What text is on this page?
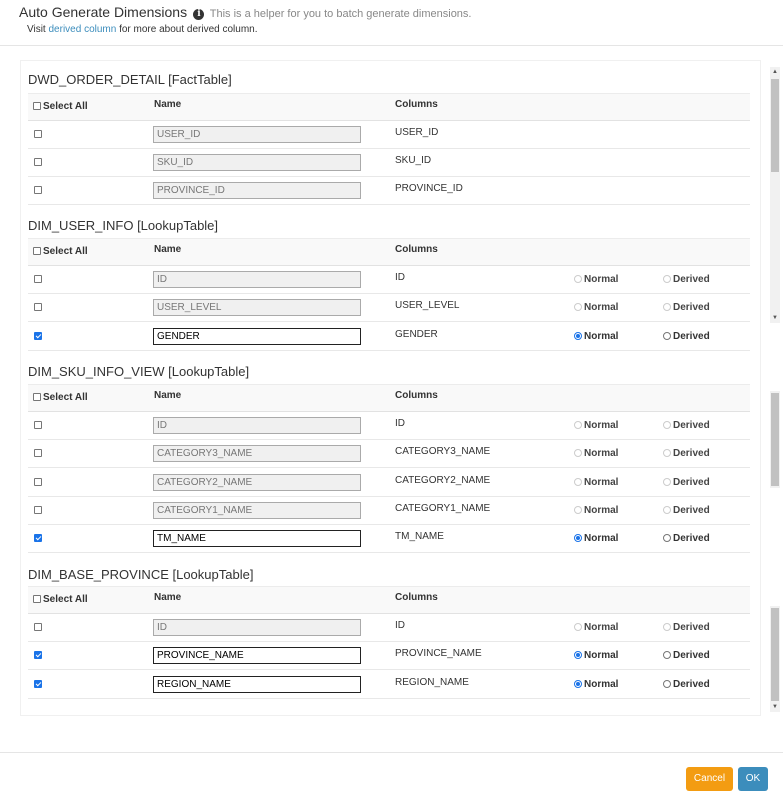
Auto Generate Dimensions i This is a helper for you to batch generate dimensions.
Visit derived column for more about derived column.
DWD_ORDER_DETAIL [FactTable]
Select All	Name	Columns
USER_ID	USER_ID
SKU_ID	SKU_ID
PROVINCE_ID	PROVINCE_ID
DIM_USER_INFO [LookupTable]
Select All	Name	Columns
ID	ID	Normal	Derived
USER_LEVEL	USER_LEVEL	Normal	Derived
GENDER	GENDER	Normal	Derived
DIM_SKU_INFO_VIEW [LookupTable]
Select All	Name	Columns
ID	ID	Normal	Derived
CATEGORY3_NAME	CATEGORY3_NAME	Normal	Derived
CATEGORY2_NAME	CATEGORY2_NAME	Normal	Derived
CATEGORY1_NAME	CATEGORY1_NAME	Normal	Derived
TM_NAME	TM_NAME	Normal	Derived
DIM_BASE_PROVINCE [LookupTable]
Select All	Name	Columns
ID	ID	Normal	Derived
PROVINCE_NAME	PROVINCE_NAME	Normal	Derived
REGION_NAME	REGION_NAME	Normal	Derived
▲
▼
▼
Cancel	OK
